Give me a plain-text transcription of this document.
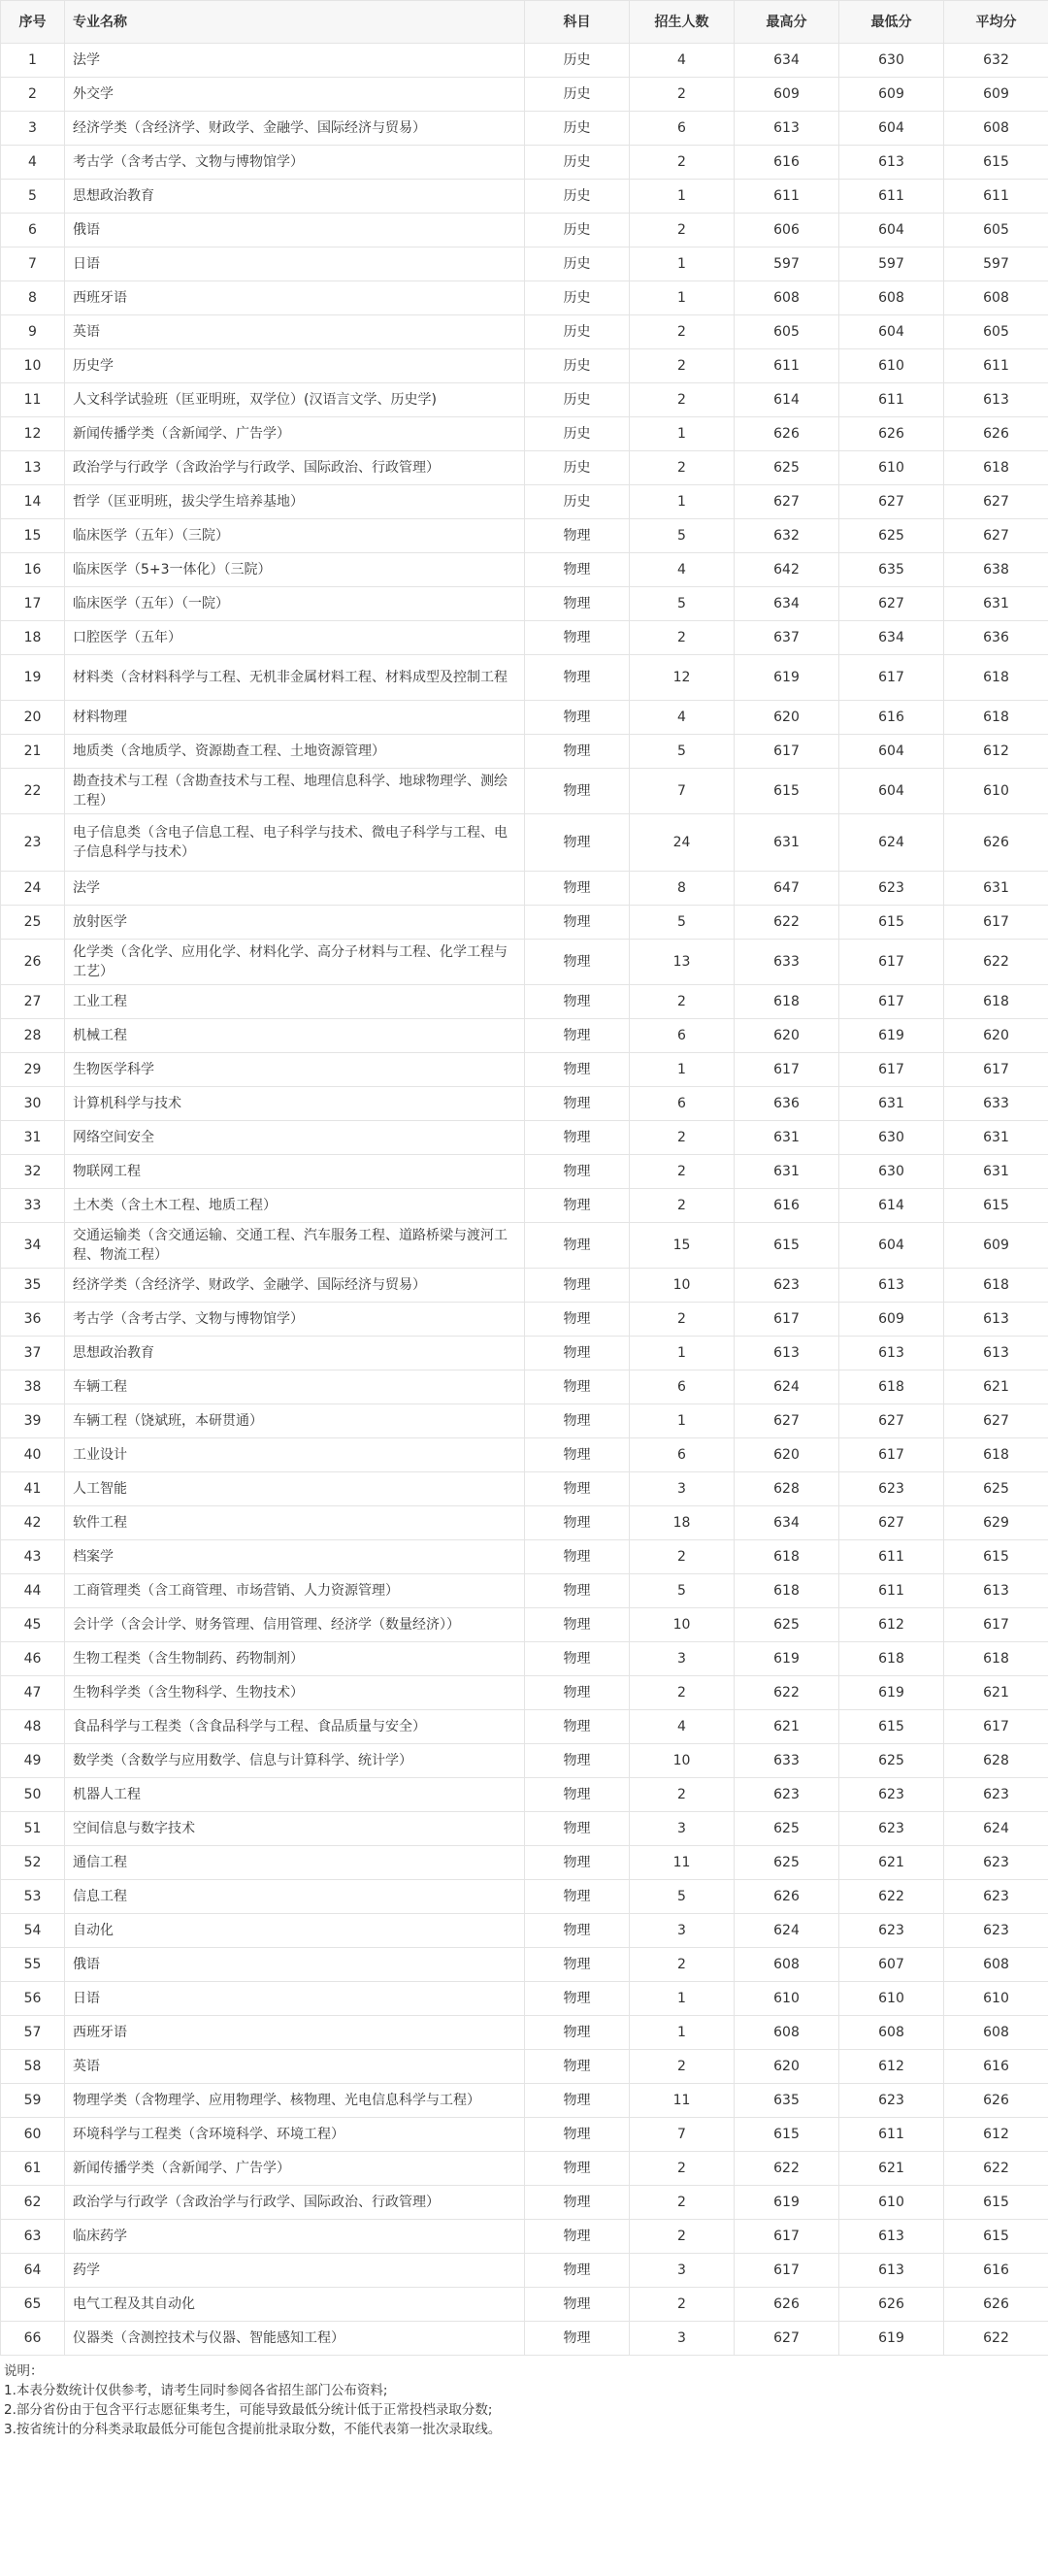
序号	专业名称	科目	招生人数	最高分	最低分	平均分
1	法学	历史	4	634	630	632
2	外交学	历史	2	609	609	609
3	经济学类（含经济学、财政学、金融学、国际经济与贸易）	历史	6	613	604	608
4	考古学（含考古学、文物与博物馆学）	历史	2	616	613	615
5	思想政治教育	历史	1	611	611	611
6	俄语	历史	2	606	604	605
7	日语	历史	1	597	597	597
8	西班牙语	历史	1	608	608	608
9	英语	历史	2	605	604	605
10	历史学	历史	2	611	610	611
11	人文科学试验班（匡亚明班，双学位）(汉语言文学、历史学)	历史	2	614	611	613
12	新闻传播学类（含新闻学、广告学）	历史	1	626	626	626
13	政治学与行政学（含政治学与行政学、国际政治、行政管理）	历史	2	625	610	618
14	哲学（匡亚明班，拔尖学生培养基地）	历史	1	627	627	627
15	临床医学（五年）（三院）	物理	5	632	625	627
16	临床医学（5+3一体化）（三院）	物理	4	642	635	638
17	临床医学（五年）（一院）	物理	5	634	627	631
18	口腔医学（五年）	物理	2	637	634	636
19	材料类（含材料科学与工程、无机非金属材料工程、材料成型及控制工程	物理	12	619	617	618
20	材料物理	物理	4	620	616	618
21	地质类（含地质学、资源勘查工程、土地资源管理）	物理	5	617	604	612
22	勘查技术与工程（含勘查技术与工程、地理信息科学、地球物理学、测绘工程）	物理	7	615	604	610
23	电子信息类（含电子信息工程、电子科学与技术、微电子科学与工程、电子信息科学与技术）	物理	24	631	624	626
24	法学	物理	8	647	623	631
25	放射医学	物理	5	622	615	617
26	化学类（含化学、应用化学、材料化学、高分子材料与工程、化学工程与工艺）	物理	13	633	617	622
27	工业工程	物理	2	618	617	618
28	机械工程	物理	6	620	619	620
29	生物医学科学	物理	1	617	617	617
30	计算机科学与技术	物理	6	636	631	633
31	网络空间安全	物理	2	631	630	631
32	物联网工程	物理	2	631	630	631
33	土木类（含土木工程、地质工程）	物理	2	616	614	615
34	交通运输类（含交通运输、交通工程、汽车服务工程、道路桥梁与渡河工程、物流工程）	物理	15	615	604	609
35	经济学类（含经济学、财政学、金融学、国际经济与贸易）	物理	10	623	613	618
36	考古学（含考古学、文物与博物馆学）	物理	2	617	609	613
37	思想政治教育	物理	1	613	613	613
38	车辆工程	物理	6	624	618	621
39	车辆工程（饶斌班，本研贯通）	物理	1	627	627	627
40	工业设计	物理	6	620	617	618
41	人工智能	物理	3	628	623	625
42	软件工程	物理	18	634	627	629
43	档案学	物理	2	618	611	615
44	工商管理类（含工商管理、市场营销、人力资源管理）	物理	5	618	611	613
45	会计学（含会计学、财务管理、信用管理、经济学（数量经济））	物理	10	625	612	617
46	生物工程类（含生物制药、药物制剂）	物理	3	619	618	618
47	生物科学类（含生物科学、生物技术）	物理	2	622	619	621
48	食品科学与工程类（含食品科学与工程、食品质量与安全）	物理	4	621	615	617
49	数学类（含数学与应用数学、信息与计算科学、统计学）	物理	10	633	625	628
50	机器人工程	物理	2	623	623	623
51	空间信息与数字技术	物理	3	625	623	624
52	通信工程	物理	11	625	621	623
53	信息工程	物理	5	626	622	623
54	自动化	物理	3	624	623	623
55	俄语	物理	2	608	607	608
56	日语	物理	1	610	610	610
57	西班牙语	物理	1	608	608	608
58	英语	物理	2	620	612	616
59	物理学类（含物理学、应用物理学、核物理、光电信息科学与工程）	物理	11	635	623	626
60	环境科学与工程类（含环境科学、环境工程）	物理	7	615	611	612
61	新闻传播学类（含新闻学、广告学）	物理	2	622	621	622
62	政治学与行政学（含政治学与行政学、国际政治、行政管理）	物理	2	619	610	615
63	临床药学	物理	2	617	613	615
64	药学	物理	3	617	613	616
65	电气工程及其自动化	物理	2	626	626	626
66	仪器类（含测控技术与仪器、智能感知工程）	物理	3	627	619	622
说明：
1.本表分数统计仅供参考，请考生同时参阅各省招生部门公布资料;
2.部分省份由于包含平行志愿征集考生，可能导致最低分统计低于正常投档录取分数;
3.按省统计的分科类录取最低分可能包含提前批录取分数，不能代表第一批次录取线。
